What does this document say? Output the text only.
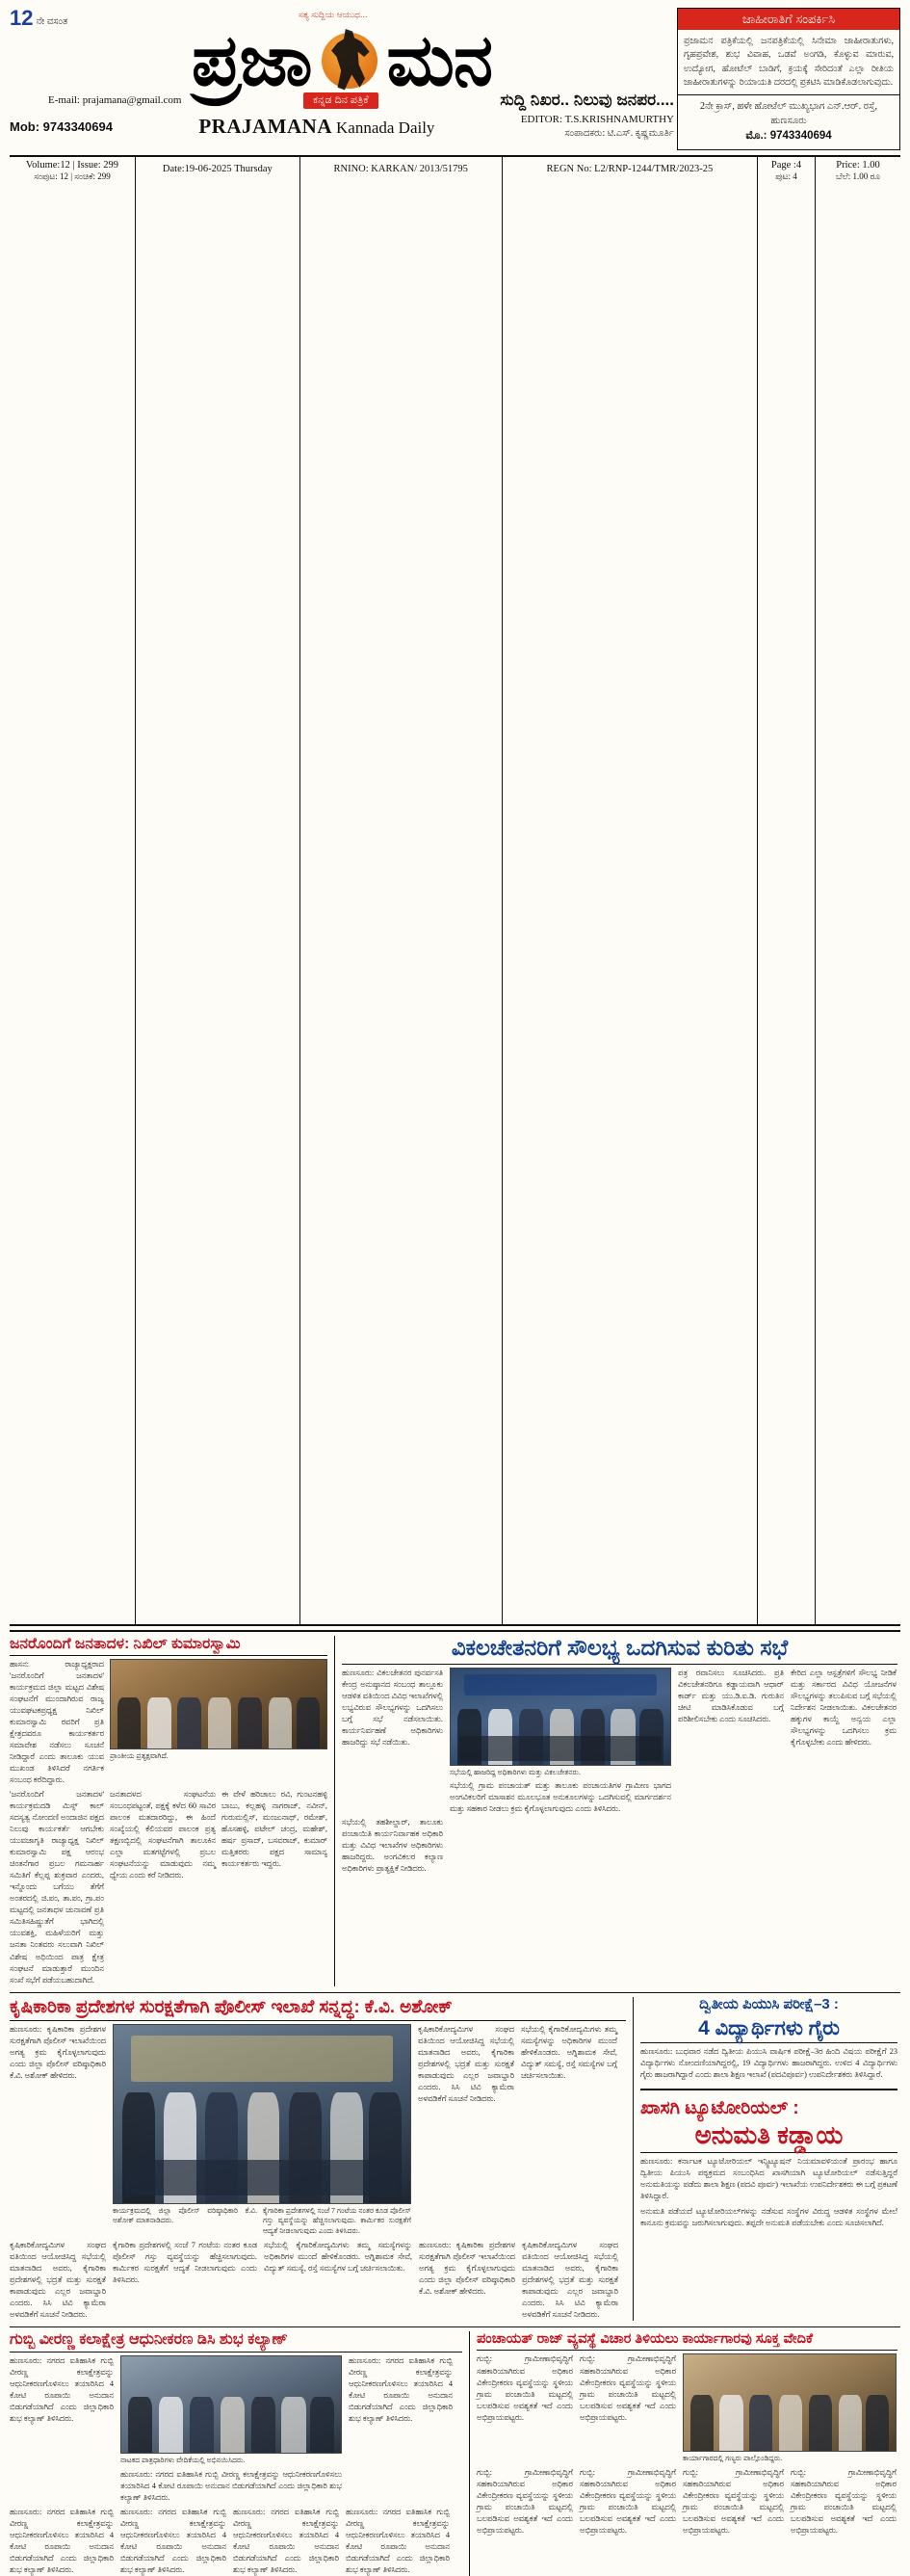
12 ನೇ ವಸಂತ
ಸತ್ಯ ಸುದ್ದಿಯ ಆಯುಧ...
ಪ್ರಜಾ ಮನ
E-mail: prajamana@gmail.com	ಕನ್ನಡ ದಿನ ಪತ್ರಿಕೆ	ಸುದ್ದಿ ನಿಖರ.. ನಿಲುವು ಜನಪರ....
Mob: 9743340694	PRAJAMANA Kannada Daily	EDITOR: T.S.KRISHNAMURTHY
ಸಂಪಾದಕರು: ಟಿ.ಎಸ್. ಕೃಷ್ಣಮೂರ್ತಿ
ಜಾಹೀರಾತಿಗೆ ಸಂಪರ್ಕಿಸಿ
ಪ್ರಜಾಮನ ಪತ್ರಿಕೆಯಲ್ಲಿ ಜನಪತ್ರಿಕೆಯಲ್ಲಿ ಸಿನೇಮಾ ಜಾಹೀರಾತುಗಳು, ಗೃಹಪ್ರವೇಶ, ಶುಭ ವಿವಾಹ, ಒಡವೆ ಅಂಗಡಿ, ಕೊಳ್ಳುವ ಮಾರುವ, ಉದ್ಯೋಗ, ಹೋಟೆಲ್ ಬಾಡಿಗೆ, ಕ್ರಯಕ್ಕೆ ಸೇರಿದಂತೆ ಎಲ್ಲಾ ರೀತಿಯ ಜಾಹೀರಾತುಗಳನ್ನು ರಿಯಾಯತಿ ದರದಲ್ಲಿ ಪ್ರಕಟಿಸಿ ಮಾಡಿಕೊಡಲಾಗುವುದು.
2ನೇ ಕ್ರಾಸ್, ಹಳೇ ಹೋಟೆಲ್ ಮುಖ್ಯಭಾಗ ಎನ್.ಆರ್. ರಸ್ತೆ, ಹುಣಸೂರು
ಮೊ.: 9743340694
Volume:12 | Issue: 299
ಸಂಪುಟ: 12 | ಸಂಚಿಕೆ: 299
Date:19-06-2025 Thursday	RNINO: KARKAN/ 2013/51795	REGN No: L2/RNP-1244/TMR/2023-25	Page :4
ಪುಟ: 4
Price: 1.00
ಬೆಲೆ: 1.00 ರೂ
ಜನರೊಂದಿಗೆ ಜನತಾದಳ: ನಿಖಿಲ್ ಕುಮಾರಸ್ವಾಮಿ
ಹಾಸನ: ರಾಜ್ಯಾಧ್ಯಕ್ಷರಾದ 'ಜನರೊಂದಿಗೆ ಜನತಾದಳ' ಕಾರ್ಯಕ್ರಮದ ಜಿಲ್ಲಾ ಮಟ್ಟದ ವಿಶೇಷ ಸಂಘಟನೆಗೆ ಮುಂದಾಗಿರುವ ರಾಜ್ಯ ಯುವಘಟಕಪ್ರಧ್ಯಕ್ಷ ನಿಖಿಲ್ ಕುಮಾರಸ್ವಾಮಿ ರವರಿಗೆ ಪ್ರತಿ ಕ್ಷೇತ್ರದವರೂ ಕಾರ್ಯಕರ್ತರ ಸಮಾವೇಶ ನಡೆಸಲು ಸೂಚನೆ ನೀಡಿದ್ದಾರೆ ಎಂದು ತಾಲೂಕು ಯುವ ಮುಖಂಡ ತಿಳಿಸಿದರೆ ನಗರ್ತಿಕ ಸಂಬಂಧ ಕರೆದಿದ್ದಾರು.
ಪ್ರಾಂತೀಯ ಪ್ರತ್ಯಕ್ಷವಾಗಿದೆ.
'ಜನರೊಂದಿಗೆ ಜನತಾದಳ' ಕಾರ್ಯಕ್ರಮದಡಿ ಮಿಸ್ಸ್ ಕಾಲ್ ಸದಸ್ಯತ್ವ ನೋಂದಣಿ ಅಂದಾಜಿನ ಪಕ್ಷದ ನಿಲುವು ಕಾರ್ಯಕರ್ತೆ ಆಗಬೇಕು ಯುವಜಾಗೃತಿ ರಾಜ್ಯಾಧ್ಯಕ್ಷ ನಿಖಿಲ್ ಕುಮಾರಸ್ವಾಮಿ ಪಕ್ಷ ಆರಂಭ ಚಿಂತನೆಗಾರ ಪ್ರಬಲ ಗಮನಾರ್ಹ ಸಮಿತಿಗೆ ಕೆಲ್ಲಪ್ಪ ಶುಕ್ರವಾರ ಎಂದರು, ಇನ್ನೊಂದು ಬಗೆಯು ತೆಗೆಗೆ ಅಂತರದಲ್ಲಿ ಜಿ.ಪಂ, ತಾ.ಪಂ, ಗ್ರಾ.ಪಂ ಮಟ್ಟದಲ್ಲಿ ಜನತಾಧಳ ಚುನಾವಣೆ ಪ್ರತಿ ಸಮಿತಿಸಹಿಷ್ಣುತೆಗೆ ಭಾಗಿದಲ್ಲಿ ಯುವಶಕ್ತಿ, ಮಹಿಳೆಯರಿಗೆ ಮತ್ತು ಜನತಾ ನಿಂತವರು ಸಲುವಾಗಿ ನಿಖಿಲ್ ವಿಶೇಷ ಅಧಿಯಿಂದ ಪಾತ್ರ ಕ್ಷೇತ್ರ ಸಂಘಟನೆ ಮಾಡುತ್ತಾರೆ ಮುಂದಿನ ಸಂಖೆ ಸಭೆಗೆ ಪಡೆಯಬಹುದಾಗಿದೆ.
ಜನತಾದಳದ ಸಂಘಟನೆಯ ಸಂಬಂಧಪಟ್ಟಂತೆ, ಪಕ್ಷಕ್ಕೆ ಕಳೆದ 60 ಸಾವಿರ ಪಾಲಂಕ ಮತದಾರರಿದ್ದು, ಈ ಹಿಂದೆ ಸಂಖ್ಯೆಯಲ್ಲಿ ಕೆಲಿಯವರ ಪಾಲಂಕ ಪ್ರತ್ಯ ತಕ್ಷಣಬ್ಬಿದಲ್ಲಿ ಸಂಘಟನೆಗಾಗಿ ತಾಲೂಕಿನ ಎಲ್ಲಾ ಮತಗಟ್ಟೆಗಳಲ್ಲಿ ಪ್ರಬಲ ಸಂಘಟನೆಯನ್ನು ಮಾಡುವುದು ನಮ್ಮ ಧ್ಯೇಯ ಎಂದು ಕರೆ ನೀಡಿದರು.
ಈ ವೇಳೆ ಹರಿಚಾಲು ರವಿ, ಗುಂಟನಹಳ್ಳಿ ಬಾಬು, ಕಲ್ಲಹಳ್ಳಿ ನಾಗರಾಜ್, ನವೀನ್, ಗುರುಮಲ್ಲಿಸ್, ಮಂಜುನಾಥ್, ರಮೇಶ್, ಹೊಸಹಳ್ಳಿ, ಪಟೇಲ್ ಚಂದ್ರ, ಮಹೇಶ್, ಹರ್ಷ ಪ್ರಸಾದ್, ಬಸವರಾಜ್, ಕುಮಾರ್ ಮತ್ತಿತರರು ಪಕ್ಷದ ಸಾಮಾನ್ಯ ಕಾರ್ಯಕರ್ತರು ಇದ್ದರು.
ವಿಕಲಚೇತನರಿಗೆ ಸೌಲಭ್ಯ ಒದಗಿಸುವ ಕುರಿತು ಸಭೆ
ಹುಣಸೂರು: ವಿಕಲಚೇತನರ ಪುನರ್ವಸತಿ ಕೇಂದ್ರ ಅನುಷ್ಠಾನದ ಸಂಬಂಧ ತಾಲ್ಲೂಕು ಆಡಳಿತ ವತಿಯಿಂದ ವಿವಿಧ ಇಲಾಖೆಗಳಲ್ಲಿ ಲಭ್ಯವಿರುವ ಸೌಲಭ್ಯಗಳನ್ನು ಒದಗಿಸಲು ಬಗ್ಗೆ ಸಭೆ ನಡೆಸಲಾಯಿತು. ಕಾರ್ಯನಿರ್ವಹಣೆ ಅಧಿಕಾರಿಗಳು ಹಾಜರಿದ್ದು ಸಭೆ ನಡೆಯಿತು.
ಸಭೆಯಲ್ಲಿ ಹಾಜರಿದ್ದ ಅಧಿಕಾರಿಗಳು ಮತ್ತು ವಿಕಲಚೇತನರು.
ಸಭೆಯಲ್ಲಿ ಗ್ರಾಮ ಪಂಚಾಯತ್ ಮತ್ತು ತಾಲೂಕು ಪಂಚಾಯತಿಗಳ ಗ್ರಾಮೀಣ ಭಾಗದ ಅಂಗವಿಕಲರಿಗೆ ಮಾಸಾಶನ ಮೂಲಭೂತ ಅನುಕೂಲಗಳನ್ನು ಒದಗಿಸುವಲ್ಲಿ ಮಾರ್ಗದರ್ಶನ ಮತ್ತು ಸಹಕಾರ ನೀಡಲು ಕ್ರಮ ಕೈಗೊಳ್ಳಲಾಗುವುದು ಎಂದು ತಿಳಿಸಿದರು.
ಪತ್ರ ರವಾನಿಸಲು ಸೂಚಿಸಿದರು. ಪ್ರತಿ ವಿಕಲಚೇತನರಿಗೂ ಕಡ್ಡಾಯವಾಗಿ ಆಧಾರ್ ಕಾರ್ಡ್ ಮತ್ತು ಯು.ಡಿ.ಐ.ಡಿ. ಗುರುತಿನ ಚೀಟಿ ಮಾಡಿಸಿಕೊಡುವ ಬಗ್ಗೆ ಪರಿಶೀಲಿಸಬೇಕು ಎಂದು ಸೂಚಿಸಿದರು.
ಕೇರಿದ ಎಲ್ಲಾ ಆಸ್ಪತ್ರೆಗಳಿಗೆ ಸೌಲಭ್ಯ ನೀಡಿಕೆ ಮತ್ತು ಸರ್ಕಾರದ ವಿವಿಧ ಯೋಜನೆಗಳ ಸೌಲಭ್ಯಗಳನ್ನು ತಲುಪಿಸುವ ಬಗ್ಗೆ ಸಭೆಯಲ್ಲಿ ನಿರ್ದೇಶನ ನೀಡಲಾಯಿತು. ವಿಕಲಚೇತನರ ಹಕ್ಕುಗಳ ಕಾಯ್ದೆ ಅನ್ವಯ ಎಲ್ಲಾ ಸೌಲಭ್ಯಗಳನ್ನು ಒದಗಿಸಲು ಕ್ರಮ ಕೈಗೊಳ್ಳಬೇಕು ಎಂದು ಹೇಳಿದರು.
ಸಭೆಯಲ್ಲಿ ತಹಶೀಲ್ದಾರ್, ತಾಲೂಕು ಪಂಚಾಯಿತಿ ಕಾರ್ಯನಿರ್ವಾಹಕ ಅಧಿಕಾರಿ ಮತ್ತು ವಿವಿಧ ಇಲಾಖೆಗಳ ಅಧಿಕಾರಿಗಳು ಹಾಜರಿದ್ದರು. ಅಂಗವಿಕಲರ ಕಲ್ಯಾಣ ಅಧಿಕಾರಿಗಳು ಪ್ರಾತ್ಯಕ್ಷಿಕೆ ನೀಡಿದರು.
ಕೃಷಿಕಾರಿಕಾ ಪ್ರದೇಶಗಳ ಸುರಕ್ಷತೆಗಾಗಿ ಪೊಲೀಸ್ ಇಲಾಖೆ ಸನ್ನದ್ಧ: ಕೆ.ವಿ. ಅಶೋಕ್
ಹುಣಸೂರು: ಕೃಷಿಕಾರಿಕಾ ಪ್ರದೇಶಗಳ ಸುರಕ್ಷತೆಗಾಗಿ ಪೊಲೀಸ್ ಇಲಾಖೆಯಿಂದ ಅಗತ್ಯ ಕ್ರಮ ಕೈಗೊಳ್ಳಲಾಗುವುದು ಎಂದು ಜಿಲ್ಲಾ ಪೊಲೀಸ್ ವರಿಷ್ಠಾಧಿಕಾರಿ ಕೆ.ವಿ. ಅಶೋಕ್ ಹೇಳಿದರು.
ಕಾರ್ಯಕ್ರಮದಲ್ಲಿ ಜಿಲ್ಲಾ ಪೊಲೀಸ್ ವರಿಷ್ಠಾಧಿಕಾರಿ ಕೆ.ವಿ. ಅಶೋಕ್ ಮಾತನಾಡಿದರು.
ಕೈಗಾರಿಕಾ ಪ್ರದೇಶಗಳಲ್ಲಿ ಸಂಜೆ 7 ಗಂಟೆಯ ನಂತರ ಕೂಡ ಪೊಲೀಸ್ ಗಸ್ತು ವ್ಯವಸ್ಥೆಯನ್ನು ಹೆಚ್ಚಿಸಲಾಗುವುದು. ಕಾರ್ಮಿಕರ ಸುರಕ್ಷತೆಗೆ ಆದ್ಯತೆ ನೀಡಲಾಗುವುದು ಎಂದು ತಿಳಿಸಿದರು.
ಕೃಷಿಕಾರಿಕೋದ್ಯಮಿಗಳ ಸಂಘದ ವತಿಯಿಂದ ಆಯೋಜಿಸಿದ್ದ ಸಭೆಯಲ್ಲಿ ಮಾತನಾಡಿದ ಅವರು, ಕೈಗಾರಿಕಾ ಪ್ರದೇಶಗಳಲ್ಲಿ ಭದ್ರತೆ ಮತ್ತು ಸುರಕ್ಷತೆ ಕಾಪಾಡುವುದು ಎಲ್ಲರ ಜವಾಬ್ದಾರಿ ಎಂದರು. ಸಿಸಿ ಟಿವಿ ಕ್ಯಾಮೆರಾ ಅಳವಡಿಕೆಗೆ ಸೂಚನೆ ನೀಡಿದರು.
ಸಭೆಯಲ್ಲಿ ಕೈಗಾರಿಕೋದ್ಯಮಿಗಳು ತಮ್ಮ ಸಮಸ್ಯೆಗಳನ್ನು ಅಧಿಕಾರಿಗಳ ಮುಂದೆ ಹೇಳಿಕೊಂಡರು. ಅಗ್ನಿಶಾಮಕ ಸೇವೆ, ವಿದ್ಯುತ್ ಸಮಸ್ಯೆ, ರಸ್ತೆ ಸಮಸ್ಯೆಗಳ ಬಗ್ಗೆ ಚರ್ಚಿಸಲಾಯಿತು.
ಕೃಷಿಕಾರಿಕೋದ್ಯಮಿಗಳ ಸಂಘದ ವತಿಯಿಂದ ಆಯೋಜಿಸಿದ್ದ ಸಭೆಯಲ್ಲಿ ಮಾತನಾಡಿದ ಅವರು, ಕೈಗಾರಿಕಾ ಪ್ರದೇಶಗಳಲ್ಲಿ ಭದ್ರತೆ ಮತ್ತು ಸುರಕ್ಷತೆ ಕಾಪಾಡುವುದು ಎಲ್ಲರ ಜವಾಬ್ದಾರಿ ಎಂದರು. ಸಿಸಿ ಟಿವಿ ಕ್ಯಾಮೆರಾ ಅಳವಡಿಕೆಗೆ ಸೂಚನೆ ನೀಡಿದರು.
ಕೈಗಾರಿಕಾ ಪ್ರದೇಶಗಳಲ್ಲಿ ಸಂಜೆ 7 ಗಂಟೆಯ ನಂತರ ಕೂಡ ಪೊಲೀಸ್ ಗಸ್ತು ವ್ಯವಸ್ಥೆಯನ್ನು ಹೆಚ್ಚಿಸಲಾಗುವುದು. ಕಾರ್ಮಿಕರ ಸುರಕ್ಷತೆಗೆ ಆದ್ಯತೆ ನೀಡಲಾಗುವುದು ಎಂದು ತಿಳಿಸಿದರು.
ಸಭೆಯಲ್ಲಿ ಕೈಗಾರಿಕೋದ್ಯಮಿಗಳು ತಮ್ಮ ಸಮಸ್ಯೆಗಳನ್ನು ಅಧಿಕಾರಿಗಳ ಮುಂದೆ ಹೇಳಿಕೊಂಡರು. ಅಗ್ನಿಶಾಮಕ ಸೇವೆ, ವಿದ್ಯುತ್ ಸಮಸ್ಯೆ, ರಸ್ತೆ ಸಮಸ್ಯೆಗಳ ಬಗ್ಗೆ ಚರ್ಚಿಸಲಾಯಿತು.
ಹುಣಸೂರು: ಕೃಷಿಕಾರಿಕಾ ಪ್ರದೇಶಗಳ ಸುರಕ್ಷತೆಗಾಗಿ ಪೊಲೀಸ್ ಇಲಾಖೆಯಿಂದ ಅಗತ್ಯ ಕ್ರಮ ಕೈಗೊಳ್ಳಲಾಗುವುದು ಎಂದು ಜಿಲ್ಲಾ ಪೊಲೀಸ್ ವರಿಷ್ಠಾಧಿಕಾರಿ ಕೆ.ವಿ. ಅಶೋಕ್ ಹೇಳಿದರು.
ಕೃಷಿಕಾರಿಕೋದ್ಯಮಿಗಳ ಸಂಘದ ವತಿಯಿಂದ ಆಯೋಜಿಸಿದ್ದ ಸಭೆಯಲ್ಲಿ ಮಾತನಾಡಿದ ಅವರು, ಕೈಗಾರಿಕಾ ಪ್ರದೇಶಗಳಲ್ಲಿ ಭದ್ರತೆ ಮತ್ತು ಸುರಕ್ಷತೆ ಕಾಪಾಡುವುದು ಎಲ್ಲರ ಜವಾಬ್ದಾರಿ ಎಂದರು. ಸಿಸಿ ಟಿವಿ ಕ್ಯಾಮೆರಾ ಅಳವಡಿಕೆಗೆ ಸೂಚನೆ ನೀಡಿದರು.
ದ್ವಿತೀಯ ಪಿಯುಸಿ ಪರೀಕ್ಷೆ–3 :
4 ವಿದ್ಯಾರ್ಥಿಗಳು ಗೈರು
ಹುಣಸೂರು: ಬುಧವಾರ ನಡೆದ ದ್ವಿತೀಯ ಪಿಯುಸಿ ವಾರ್ಷಿಕ ಪರೀಕ್ಷೆ–3ರ ಹಿಂದಿ ವಿಷಯ ಪರೀಕ್ಷೆಗೆ 23 ವಿದ್ಯಾರ್ಥಿಗಳು ನೋಂದಣಿಯಾಗಿದ್ದರಲ್ಲಿ, 19 ವಿದ್ಯಾರ್ಥಿಗಳು ಹಾಜರಾಗಿದ್ದರು. ಉಳಿದ 4 ವಿದ್ಯಾರ್ಥಿಗಳು ಗೈರು ಹಾಜರಾಗಿದ್ದಾರೆ ಎಂದು ಶಾಲಾ ಶಿಕ್ಷಣ ಇಲಾಖೆ (ಪದವಿಪೂರ್ವ) ಉಪನಿರ್ದೇಶಕರು ತಿಳಿಸಿದ್ದಾರೆ.
ಖಾಸಗಿ ಟ್ಯೂಟೋರಿಯಲ್ :
ಅನುಮತಿ ಕಡ್ಡಾಯ
ಹುಣಸೂರು: ಕರ್ನಾಟಕ ಟ್ಯೂಟೋರಿಯಲ್ ಇನ್ಸ್ಟಿಟ್ಯೂಷನ್ ನಿಯಮಾವಳಿಯಂತೆ ಪ್ರಾರಂಭ ಹಾಗೂ ದ್ವಿತೀಯ ಪಿಯುಸಿ ಪಠ್ಯಕ್ರಮದ ಸಂಬಂಧಿಸಿದ ಖಾಸಗಿಯಾಗಿ ಟ್ಯೂಟೋರಿಯಲ್ ನಡೆಸುತ್ತಿದ್ದರೆ ಅನುಮತಿಯನ್ನು ಪಡೆದು ಶಾಲಾ ಶಿಕ್ಷಣ (ಪದವಿ ಪೂರ್ವ) ಇಲಾಖೆಯ ಉಪನಿರ್ದೇಶಕರು ಈ ಬಗ್ಗೆ ಪ್ರಕಟಣೆ ತಿಳಿಸಿದ್ದಾರೆ.
ಅನುಮತಿ ಪಡೆಯದೆ ಟ್ಯೂಟೋರಿಯಲ್‌ಗಳನ್ನು ನಡೆಸುವ ಸಂಸ್ಥೆಗಳ ವಿರುದ್ಧ ಆಡಳಿತ ಸಂಸ್ಥೆಗಳ ಮೇಲೆ ಕಾನೂನು ಕ್ರಮವನ್ನು ಜರುಗಿಸಲಾಗುವುದು. ತಪ್ಪದೇ ಅನುಮತಿ ಪಡೆಯಬೇಕು ಎಂದು ಸೂಚಿಸಲಾಗಿದೆ.
ಗುಬ್ಬಿ ವೀರಣ್ಣ ಕಲಾಕ್ಷೇತ್ರ ಆಧುನೀಕರಣ ಡಿಸಿ ಶುಭ ಕಲ್ಯಾಣ್
ಹುಣಸೂರು: ನಗರದ ಐತಿಹಾಸಿಕ ಗುಬ್ಬಿ ವೀರಣ್ಣ ಕಲಾಕ್ಷೇತ್ರವನ್ನು ಆಧುನೀಕರಣಗೊಳಿಸಲು ತಯಾರಿಸಿದ 4 ಕೋಟಿ ರೂಪಾಯಿ ಅನುದಾನ ಬಿಡುಗಡೆಯಾಗಿದೆ ಎಂದು ಜಿಲ್ಲಾಧಿಕಾರಿ ಶುಭ ಕಲ್ಯಾಣ್ ತಿಳಿಸಿದರು.
ನಾಟಕದ ಪಾತ್ರಧಾರಿಗಳು ವೇದಿಕೆಯಲ್ಲಿ ಅಭಿನಯಿಸಿದರು.
ಹುಣಸೂರು: ನಗರದ ಐತಿಹಾಸಿಕ ಗುಬ್ಬಿ ವೀರಣ್ಣ ಕಲಾಕ್ಷೇತ್ರವನ್ನು ಆಧುನೀಕರಣಗೊಳಿಸಲು ತಯಾರಿಸಿದ 4 ಕೋಟಿ ರೂಪಾಯಿ ಅನುದಾನ ಬಿಡುಗಡೆಯಾಗಿದೆ ಎಂದು ಜಿಲ್ಲಾಧಿಕಾರಿ ಶುಭ ಕಲ್ಯಾಣ್ ತಿಳಿಸಿದರು.
ಹುಣಸೂರು: ನಗರದ ಐತಿಹಾಸಿಕ ಗುಬ್ಬಿ ವೀರಣ್ಣ ಕಲಾಕ್ಷೇತ್ರವನ್ನು ಆಧುನೀಕರಣಗೊಳಿಸಲು ತಯಾರಿಸಿದ 4 ಕೋಟಿ ರೂಪಾಯಿ ಅನುದಾನ ಬಿಡುಗಡೆಯಾಗಿದೆ ಎಂದು ಜಿಲ್ಲಾಧಿಕಾರಿ ಶುಭ ಕಲ್ಯಾಣ್ ತಿಳಿಸಿದರು.
ಹುಣಸೂರು: ನಗರದ ಐತಿಹಾಸಿಕ ಗುಬ್ಬಿ ವೀರಣ್ಣ ಕಲಾಕ್ಷೇತ್ರವನ್ನು ಆಧುನೀಕರಣಗೊಳಿಸಲು ತಯಾರಿಸಿದ 4 ಕೋಟಿ ರೂಪಾಯಿ ಅನುದಾನ ಬಿಡುಗಡೆಯಾಗಿದೆ ಎಂದು ಜಿಲ್ಲಾಧಿಕಾರಿ ಶುಭ ಕಲ್ಯಾಣ್ ತಿಳಿಸಿದರು.
ಹುಣಸೂರು: ನಗರದ ಐತಿಹಾಸಿಕ ಗುಬ್ಬಿ ವೀರಣ್ಣ ಕಲಾಕ್ಷೇತ್ರವನ್ನು ಆಧುನೀಕರಣಗೊಳಿಸಲು ತಯಾರಿಸಿದ 4 ಕೋಟಿ ರೂಪಾಯಿ ಅನುದಾನ ಬಿಡುಗಡೆಯಾಗಿದೆ ಎಂದು ಜಿಲ್ಲಾಧಿಕಾರಿ ಶುಭ ಕಲ್ಯಾಣ್ ತಿಳಿಸಿದರು.
ಹುಣಸೂರು: ನಗರದ ಐತಿಹಾಸಿಕ ಗುಬ್ಬಿ ವೀರಣ್ಣ ಕಲಾಕ್ಷೇತ್ರವನ್ನು ಆಧುನೀಕರಣಗೊಳಿಸಲು ತಯಾರಿಸಿದ 4 ಕೋಟಿ ರೂಪಾಯಿ ಅನುದಾನ ಬಿಡುಗಡೆಯಾಗಿದೆ ಎಂದು ಜಿಲ್ಲಾಧಿಕಾರಿ ಶುಭ ಕಲ್ಯಾಣ್ ತಿಳಿಸಿದರು.
ಹುಣಸೂರು: ನಗರದ ಐತಿಹಾಸಿಕ ಗುಬ್ಬಿ ವೀರಣ್ಣ ಕಲಾಕ್ಷೇತ್ರವನ್ನು ಆಧುನೀಕರಣಗೊಳಿಸಲು ತಯಾರಿಸಿದ 4 ಕೋಟಿ ರೂಪಾಯಿ ಅನುದಾನ ಬಿಡುಗಡೆಯಾಗಿದೆ ಎಂದು ಜಿಲ್ಲಾಧಿಕಾರಿ ಶುಭ ಕಲ್ಯಾಣ್ ತಿಳಿಸಿದರು.
ಪಂಚಾಯತ್ ರಾಜ್ ವ್ಯವಸ್ಥೆ ವಿಚಾರ ತಿಳಿಯಲು ಕಾರ್ಯಾಗಾರವು ಸೂಕ್ತ ವೇದಿಕೆ
ಗುಬ್ಬಿ: ಗ್ರಾಮೀಣಾಭಿವೃದ್ಧಿಗೆ ಸಹಕಾರಿಯಾಗಿರುವ ಅಧಿಕಾರ ವಿಕೇಂದ್ರೀಕರಣ ವ್ಯವಸ್ಥೆಯನ್ನು ಸ್ಥಳೀಯ ಗ್ರಾಮ ಪಂಚಾಯಿತಿ ಮಟ್ಟದಲ್ಲಿ ಬಲಪಡಿಸುವ ಅವಶ್ಯಕತೆ ಇದೆ ಎಂದು ಅಭಿಪ್ರಾಯಪಟ್ಟರು.
ಗುಬ್ಬಿ: ಗ್ರಾಮೀಣಾಭಿವೃದ್ಧಿಗೆ ಸಹಕಾರಿಯಾಗಿರುವ ಅಧಿಕಾರ ವಿಕೇಂದ್ರೀಕರಣ ವ್ಯವಸ್ಥೆಯನ್ನು ಸ್ಥಳೀಯ ಗ್ರಾಮ ಪಂಚಾಯಿತಿ ಮಟ್ಟದಲ್ಲಿ ಬಲಪಡಿಸುವ ಅವಶ್ಯಕತೆ ಇದೆ ಎಂದು ಅಭಿಪ್ರಾಯಪಟ್ಟರು.
ಕಾರ್ಯಾಗಾರದಲ್ಲಿ ಗಣ್ಯರು ಪಾಲ್ಗೊಂಡಿದ್ದರು.
ಗುಬ್ಬಿ: ಗ್ರಾಮೀಣಾಭಿವೃದ್ಧಿಗೆ ಸಹಕಾರಿಯಾಗಿರುವ ಅಧಿಕಾರ ವಿಕೇಂದ್ರೀಕರಣ ವ್ಯವಸ್ಥೆಯನ್ನು ಸ್ಥಳೀಯ ಗ್ರಾಮ ಪಂಚಾಯಿತಿ ಮಟ್ಟದಲ್ಲಿ ಬಲಪಡಿಸುವ ಅವಶ್ಯಕತೆ ಇದೆ ಎಂದು ಅಭಿಪ್ರಾಯಪಟ್ಟರು.
ಗುಬ್ಬಿ: ಗ್ರಾಮೀಣಾಭಿವೃದ್ಧಿಗೆ ಸಹಕಾರಿಯಾಗಿರುವ ಅಧಿಕಾರ ವಿಕೇಂದ್ರೀಕರಣ ವ್ಯವಸ್ಥೆಯನ್ನು ಸ್ಥಳೀಯ ಗ್ರಾಮ ಪಂಚಾಯಿತಿ ಮಟ್ಟದಲ್ಲಿ ಬಲಪಡಿಸುವ ಅವಶ್ಯಕತೆ ಇದೆ ಎಂದು ಅಭಿಪ್ರಾಯಪಟ್ಟರು.
ಗುಬ್ಬಿ: ಗ್ರಾಮೀಣಾಭಿವೃದ್ಧಿಗೆ ಸಹಕಾರಿಯಾಗಿರುವ ಅಧಿಕಾರ ವಿಕೇಂದ್ರೀಕರಣ ವ್ಯವಸ್ಥೆಯನ್ನು ಸ್ಥಳೀಯ ಗ್ರಾಮ ಪಂಚಾಯಿತಿ ಮಟ್ಟದಲ್ಲಿ ಬಲಪಡಿಸುವ ಅವಶ್ಯಕತೆ ಇದೆ ಎಂದು ಅಭಿಪ್ರಾಯಪಟ್ಟರು.
ಗುಬ್ಬಿ: ಗ್ರಾಮೀಣಾಭಿವೃದ್ಧಿಗೆ ಸಹಕಾರಿಯಾಗಿರುವ ಅಧಿಕಾರ ವಿಕೇಂದ್ರೀಕರಣ ವ್ಯವಸ್ಥೆಯನ್ನು ಸ್ಥಳೀಯ ಗ್ರಾಮ ಪಂಚಾಯಿತಿ ಮಟ್ಟದಲ್ಲಿ ಬಲಪಡಿಸುವ ಅವಶ್ಯಕತೆ ಇದೆ ಎಂದು ಅಭಿಪ್ರಾಯಪಟ್ಟರು.
